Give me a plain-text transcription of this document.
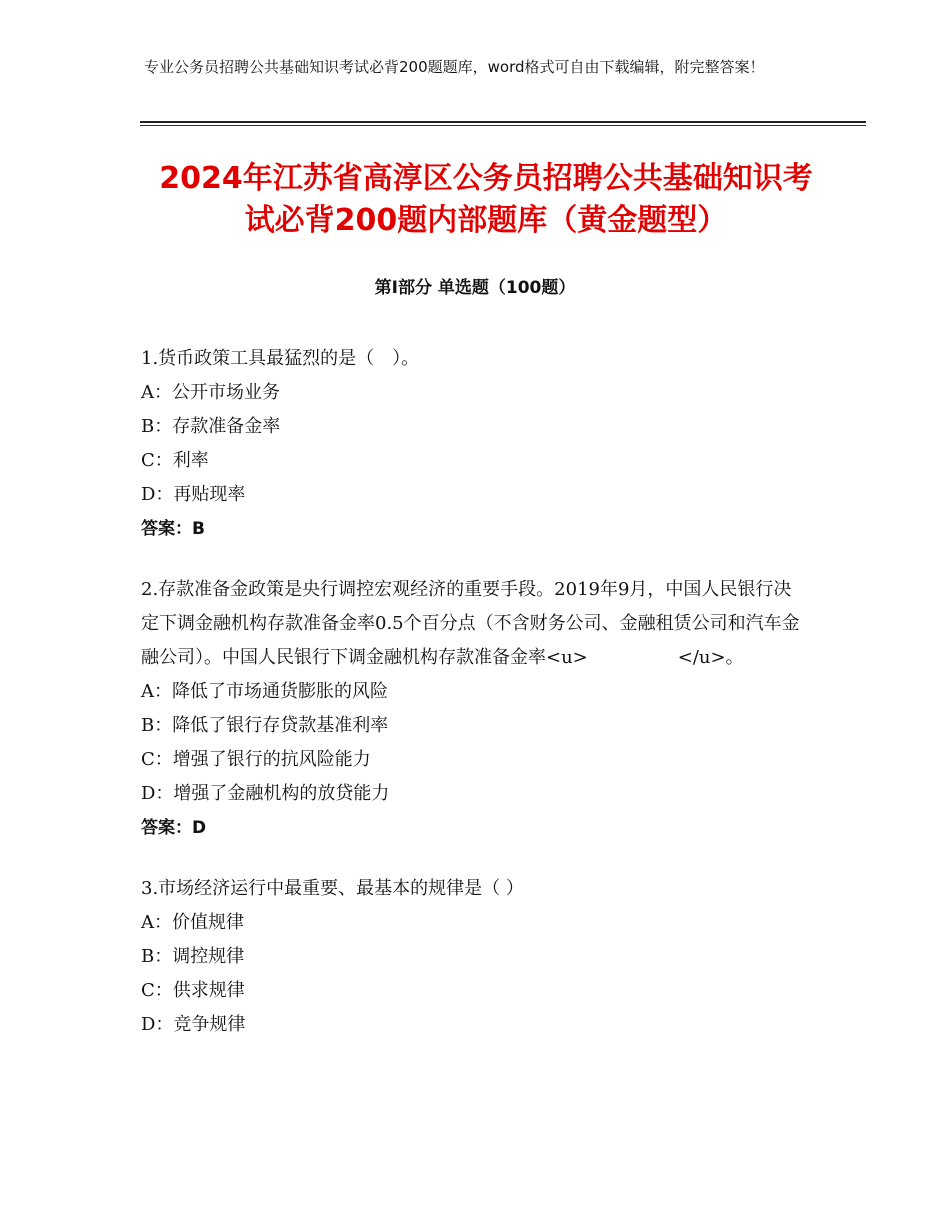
专业公务员招聘公共基础知识考试必背200题题库，word格式可自由下载编辑，附完整答案！
2024年江苏省高淳区公务员招聘公共基础知识考试必背200题内部题库（黄金题型）
第Ⅰ部分 单选题（100题）

1.货币政策工具最猛烈的是（　）。

A：公开市场业务

B：存款准备金率

C：利率

D：再贴现率

答案：B

2.存款准备金政策是央行调控宏观经济的重要手段。2019年9月，中国人民银行决定下调金融机构存款准备金率0.5个百分点（不含财务公司、金融租赁公司和汽车金融公司）。中国人民银行下调金融机构存款准备金率<u>　　　　　</u>。

A：降低了市场通货膨胀的风险

B：降低了银行存贷款基准利率

C：增强了银行的抗风险能力

D：增强了金融机构的放贷能力

答案：D

3.市场经济运行中最重要、最基本的规律是（ ）

A：价值规律

B：调控规律

C：供求规律

D：竞争规律
